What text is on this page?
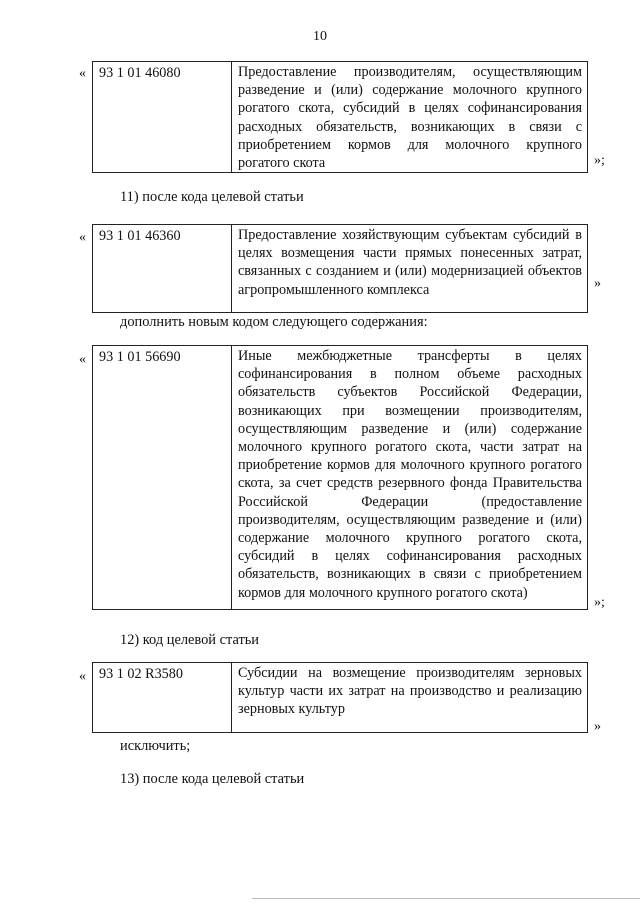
10
« 93 1 01 46080	Предоставление производителям, осуществляющим разведение и (или) содержание молочного крупного рогатого скота, субсидий в целях софинансирования расходных обязательств, возникающих в связи с приобретением кормов для молочного крупного рогатого скота	»;
11) после кода целевой статьи
« 93 1 01 46360	Предоставление хозяйствующим субъектам субсидий в целях возмещения части прямых понесенных затрат, связанных с созданием и (или) модернизацией объектов агропромышленного комплекса	»
дополнить новым кодом следующего содержания:
« 93 1 01 56690	Иные межбюджетные трансферты в целях софинансирования в полном объеме расходных обязательств субъектов Российской Федерации, возникающих при возмещении производителям, осуществляющим разведение и (или) содержание молочного крупного рогатого скота, части затрат на приобретение кормов для молочного крупного рогатого скота, за счет средств резервного фонда Правительства Российской Федерации (предоставление производителям, осуществляющим разведение и (или) содержание молочного крупного рогатого скота, субсидий в целях софинансирования расходных обязательств, возникающих в связи с приобретением кормов для молочного крупного рогатого скота)
»;
12) код целевой статьи
« 93 1 02 R3580	Субсидии на возмещение производителям зерновых культур части их затрат на производство и реализацию зерновых культур
»
исключить;
13) после кода целевой статьи
